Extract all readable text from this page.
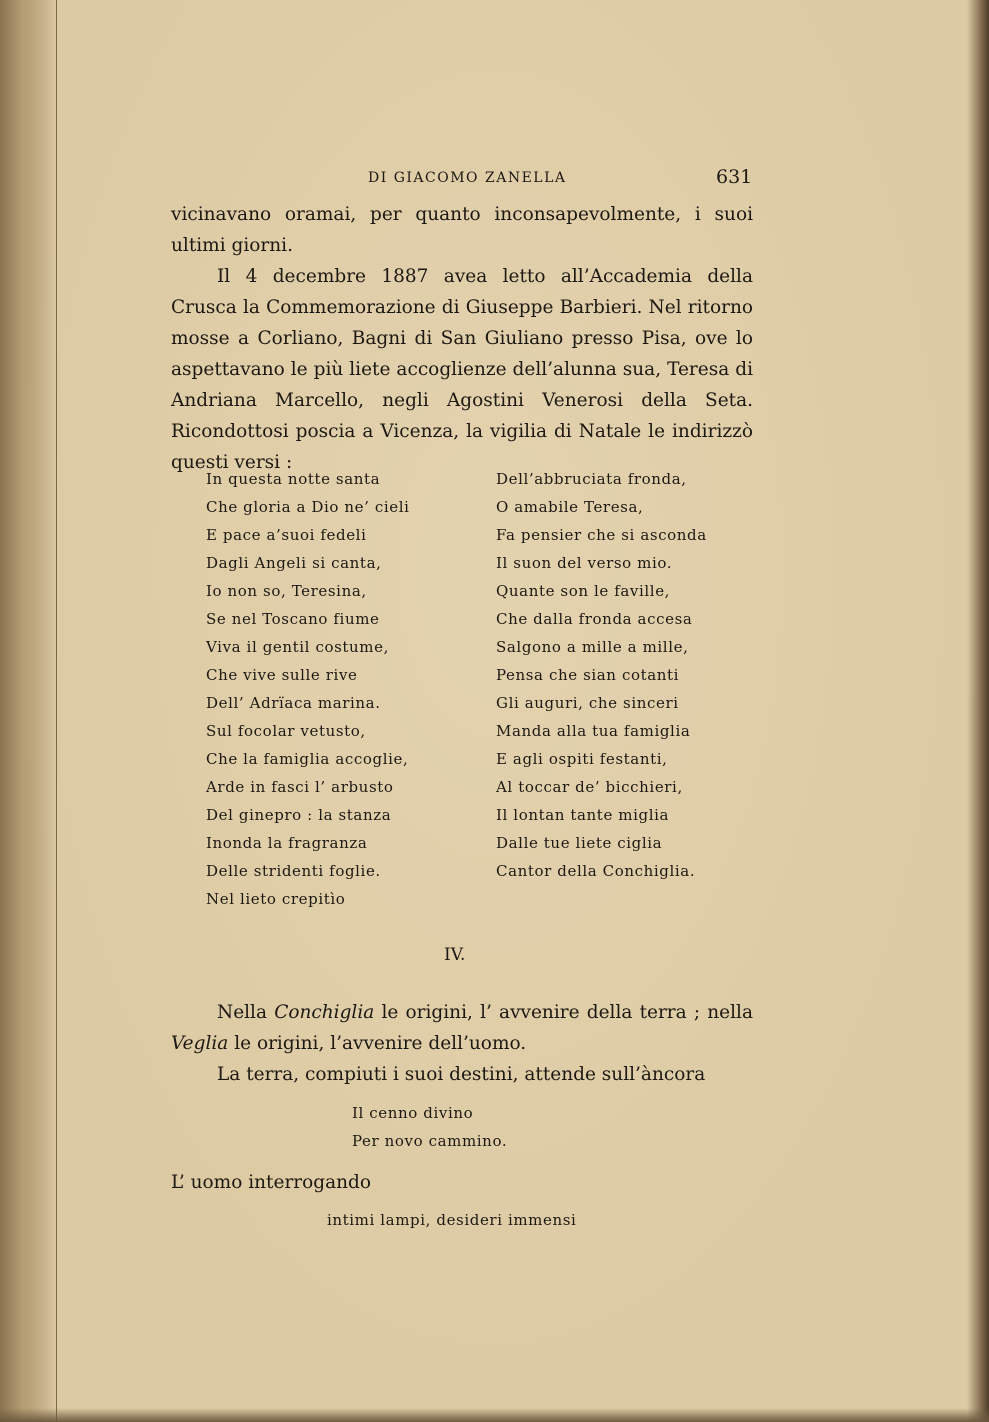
DI GIACOMO ZANELLA	631

vicinavano oramai, per quanto inconsapevolmente, i suoi ultimi giorni.

Il 4 decembre 1887 avea letto all’Accademia della Crusca la Commemorazione di Giuseppe Barbieri. Nel ritorno mosse a Corliano, Bagni di San Giuliano presso Pisa, ove lo aspettavano le più liete accoglienze dell’alunna sua, Teresa di Andriana Marcello, negli Agostini Venerosi della Seta. Ricondottosi poscia a Vicenza, la vigilia di Natale le indirizzò questi versi :

In questa notte santa
Che gloria a Dio ne’ cieli
E pace a’suoi fedeli
Dagli Angeli si canta,
Io non so, Teresina,
Se nel Toscano fiume
Viva il gentil costume,
Che vive sulle rive
Dell’ Adrïaca marina.
Sul focolar vetusto,
Che la famiglia accoglie,
Arde in fasci l’ arbusto
Del ginepro : la stanza
Inonda la fragranza
Delle stridenti foglie.
Nel lieto crepitìo
Dell’abbruciata fronda,
O amabile Teresa,
Fa pensier che si asconda
Il suon del verso mio.
Quante son le faville,
Che dalla fronda accesa
Salgono a mille a mille,
Pensa che sian cotanti
Gli auguri, che sinceri
Manda alla tua famiglia
E agli ospiti festanti,
Al toccar de’ bicchieri,
Il lontan tante miglia
Dalle tue liete ciglia
Cantor della Conchiglia.
IV.

Nella Conchiglia le origini, l’ avvenire della terra ; nella Veglia le origini, l’avvenire dell’uomo.

La terra, compiuti i suoi destini, attende sull’àncora

Il cenno divino
Per novo cammino.
L’ uomo interrogando
intimi lampi, desideri immensi
